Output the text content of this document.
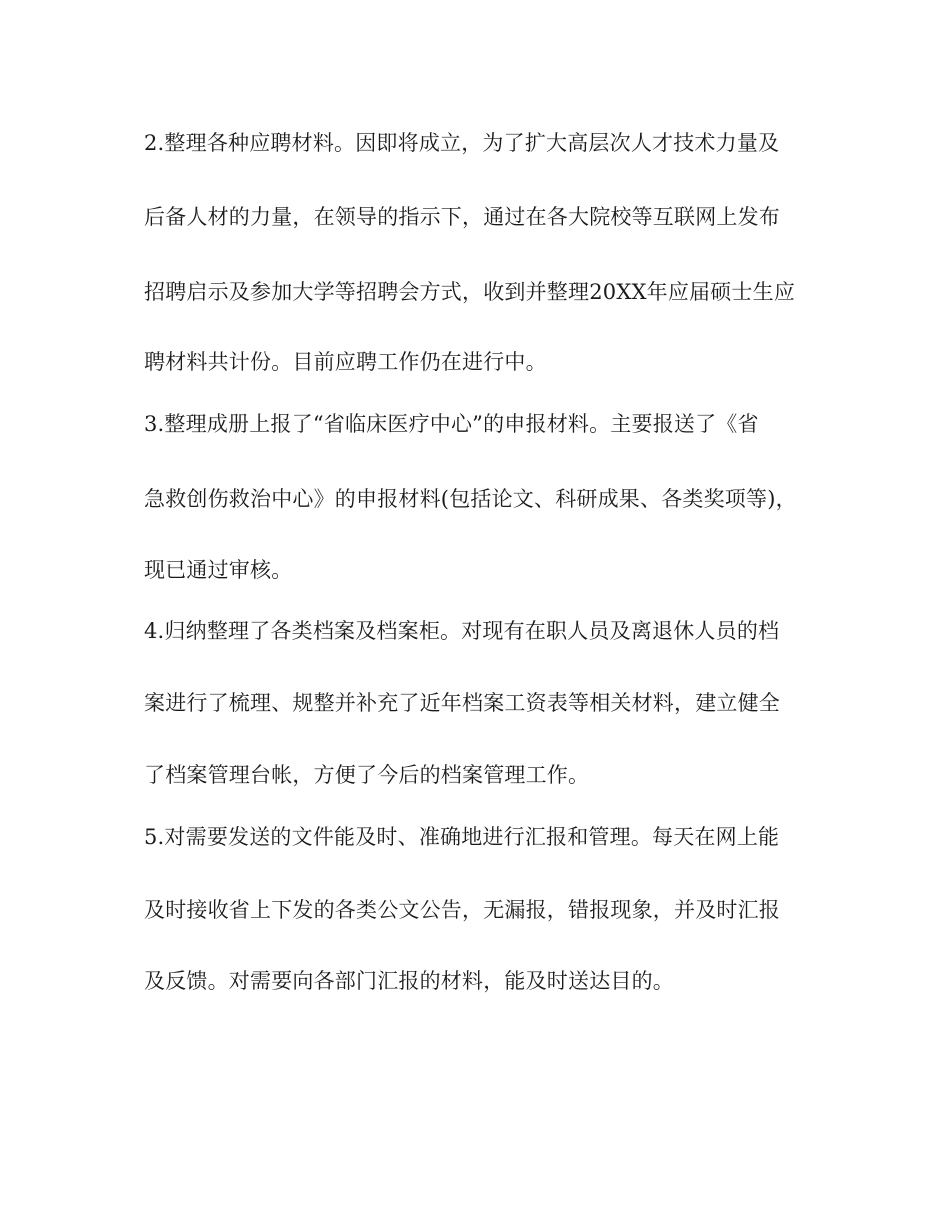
2.整理各种应聘材料。因即将成立，为了扩大高层次人才技术力量及
后备人材的力量，在领导的指示下，通过在各大院校等互联网上发布
招聘启示及参加大学等招聘会方式，收到并整理20XX年应届硕士生应
聘材料共计份。目前应聘工作仍在进行中。
3.整理成册上报了“省临床医疗中心”的申报材料。主要报送了《省
急救创伤救治中心》的申报材料(包括论文、科研成果、各类奖项等)，
现已通过审核。
4.归纳整理了各类档案及档案柜。对现有在职人员及离退休人员的档
案进行了梳理、规整并补充了近年档案工资表等相关材料，建立健全
了档案管理台帐，方便了今后的档案管理工作。
5.对需要发送的文件能及时、准确地进行汇报和管理。每天在网上能
及时接收省上下发的各类公文公告，无漏报，错报现象，并及时汇报
及反馈。对需要向各部门汇报的材料，能及时送达目的。
